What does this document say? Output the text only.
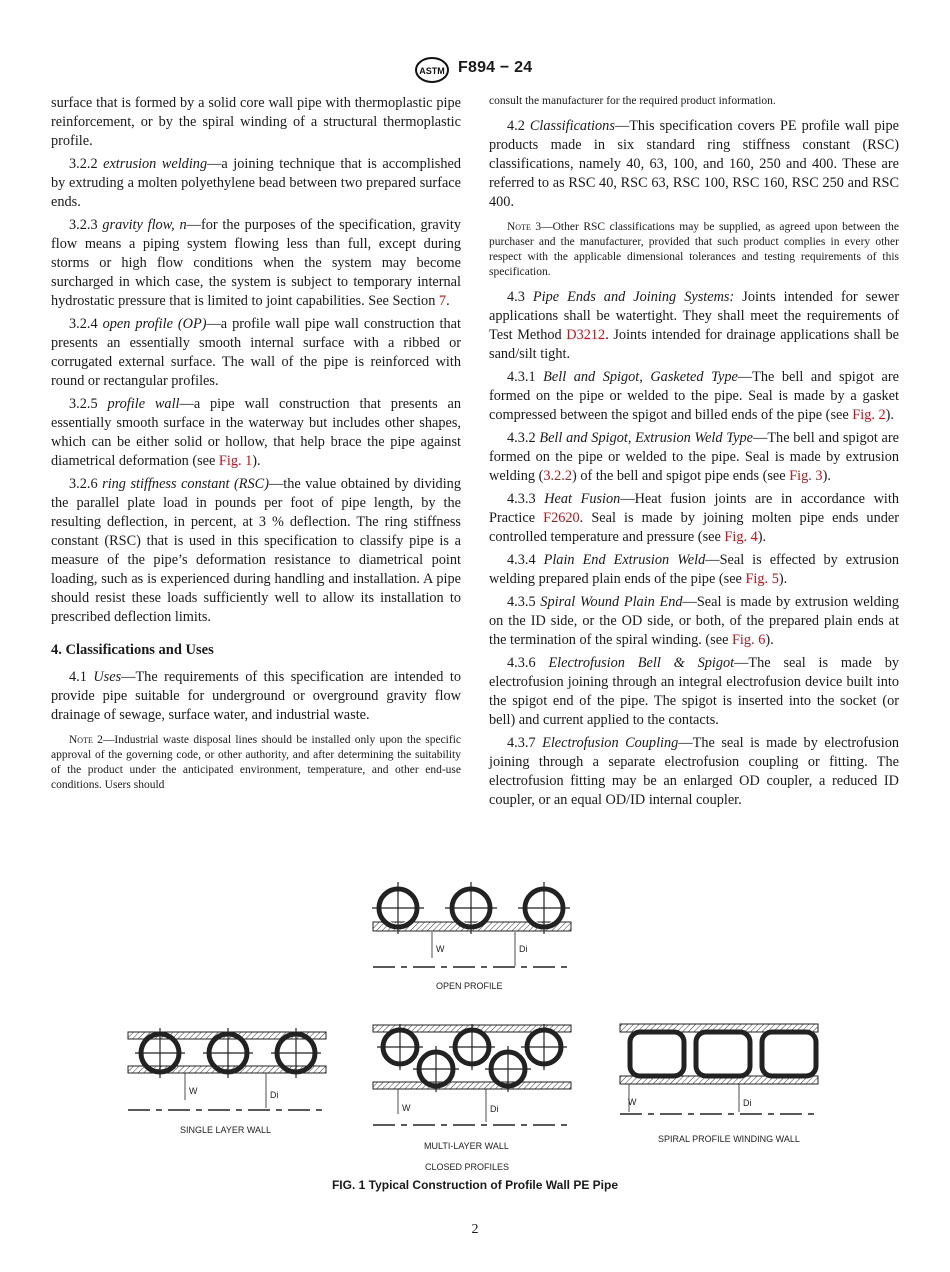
ASTM F894 − 24

surface that is formed by a solid core wall pipe with thermoplastic pipe reinforcement, or by the spiral winding of a structural thermoplastic profile.

3.2.2 extrusion welding—a joining technique that is accomplished by extruding a molten polyethylene bead between two prepared surface ends.

3.2.3 gravity flow, n—for the purposes of the specification, gravity flow means a piping system flowing less than full, except during storms or high flow conditions when the system may become surcharged in which case, the system is subject to temporary internal hydrostatic pressure that is limited to joint capabilities. See Section 7.

3.2.4 open profile (OP)—a profile wall pipe wall construction that presents an essentially smooth internal surface with a ribbed or corrugated external surface. The wall of the pipe is reinforced with round or rectangular profiles.

3.2.5 profile wall—a pipe wall construction that presents an essentially smooth surface in the waterway but includes other shapes, which can be either solid or hollow, that help brace the pipe against diametrical deformation (see Fig. 1).

3.2.6 ring stiffness constant (RSC)—the value obtained by dividing the parallel plate load in pounds per foot of pipe length, by the resulting deflection, in percent, at 3 % deflection. The ring stiffness constant (RSC) that is used in this specification to classify pipe is a measure of the pipe’s deformation resistance to diametrical point loading, such as is experienced during handling and installation. A pipe should resist these loads sufficiently well to allow its installation to prescribed deflection limits.

4. Classifications and Uses

4.1 Uses—The requirements of this specification are intended to provide pipe suitable for underground or overground gravity flow drainage of sewage, surface water, and industrial waste.

Note 2—Industrial waste disposal lines should be installed only upon the specific approval of the governing code, or other authority, and after determining the suitability of the product under the anticipated environment, temperature, and other end-use conditions. Users should

consult the manufacturer for the required product information.

4.2 Classifications—This specification covers PE profile wall pipe products made in six standard ring stiffness constant (RSC) classifications, namely 40, 63, 100, and 160, 250 and 400. These are referred to as RSC 40, RSC 63, RSC 100, RSC 160, RSC 250 and RSC 400.

Note 3—Other RSC classifications may be supplied, as agreed upon between the purchaser and the manufacturer, provided that such product complies in every other respect with the applicable dimensional tolerances and testing requirements of this specification.

4.3 Pipe Ends and Joining Systems: Joints intended for sewer applications shall be watertight. They shall meet the requirements of Test Method D3212. Joints intended for drainage applications shall be sand/silt tight.

4.3.1 Bell and Spigot, Gasketed Type—The bell and spigot are formed on the pipe or welded to the pipe. Seal is made by a gasket compressed between the spigot and billed ends of the pipe (see Fig. 2).

4.3.2 Bell and Spigot, Extrusion Weld Type—The bell and spigot are formed on the pipe or welded to the pipe. Seal is made by extrusion welding (3.2.2) of the bell and spigot pipe ends (see Fig. 3).

4.3.3 Heat Fusion—Heat fusion joints are in accordance with Practice F2620. Seal is made by joining molten pipe ends under controlled temperature and pressure (see Fig. 4).

4.3.4 Plain End Extrusion Weld—Seal is effected by extrusion welding prepared plain ends of the pipe (see Fig. 5).

4.3.5 Spiral Wound Plain End—Seal is made by extrusion welding on the ID side, or the OD side, or both, of the prepared plain ends at the termination of the spiral winding. (see Fig. 6).

4.3.6 Electrofusion Bell & Spigot—The seal is made by electrofusion joining through an integral electrofusion device built into the spigot end of the pipe. The spigot is inserted into the socket (or bell) and current applied to the contacts.

4.3.7 Electrofusion Coupling—The seal is made by electrofusion joining through a separate electrofusion coupling or fitting. The electrofusion fitting may be an enlarged OD coupler, a reduced ID coupler, or an equal OD/ID internal coupler.

W	Di
OPEN PROFILE
W	Di
SINGLE LAYER WALL
W	Di
MULTI-LAYER WALL
W	Di
SPIRAL PROFILE WINDING WALL
CLOSED PROFILES
FIG. 1 Typical Construction of Profile Wall PE Pipe
2
